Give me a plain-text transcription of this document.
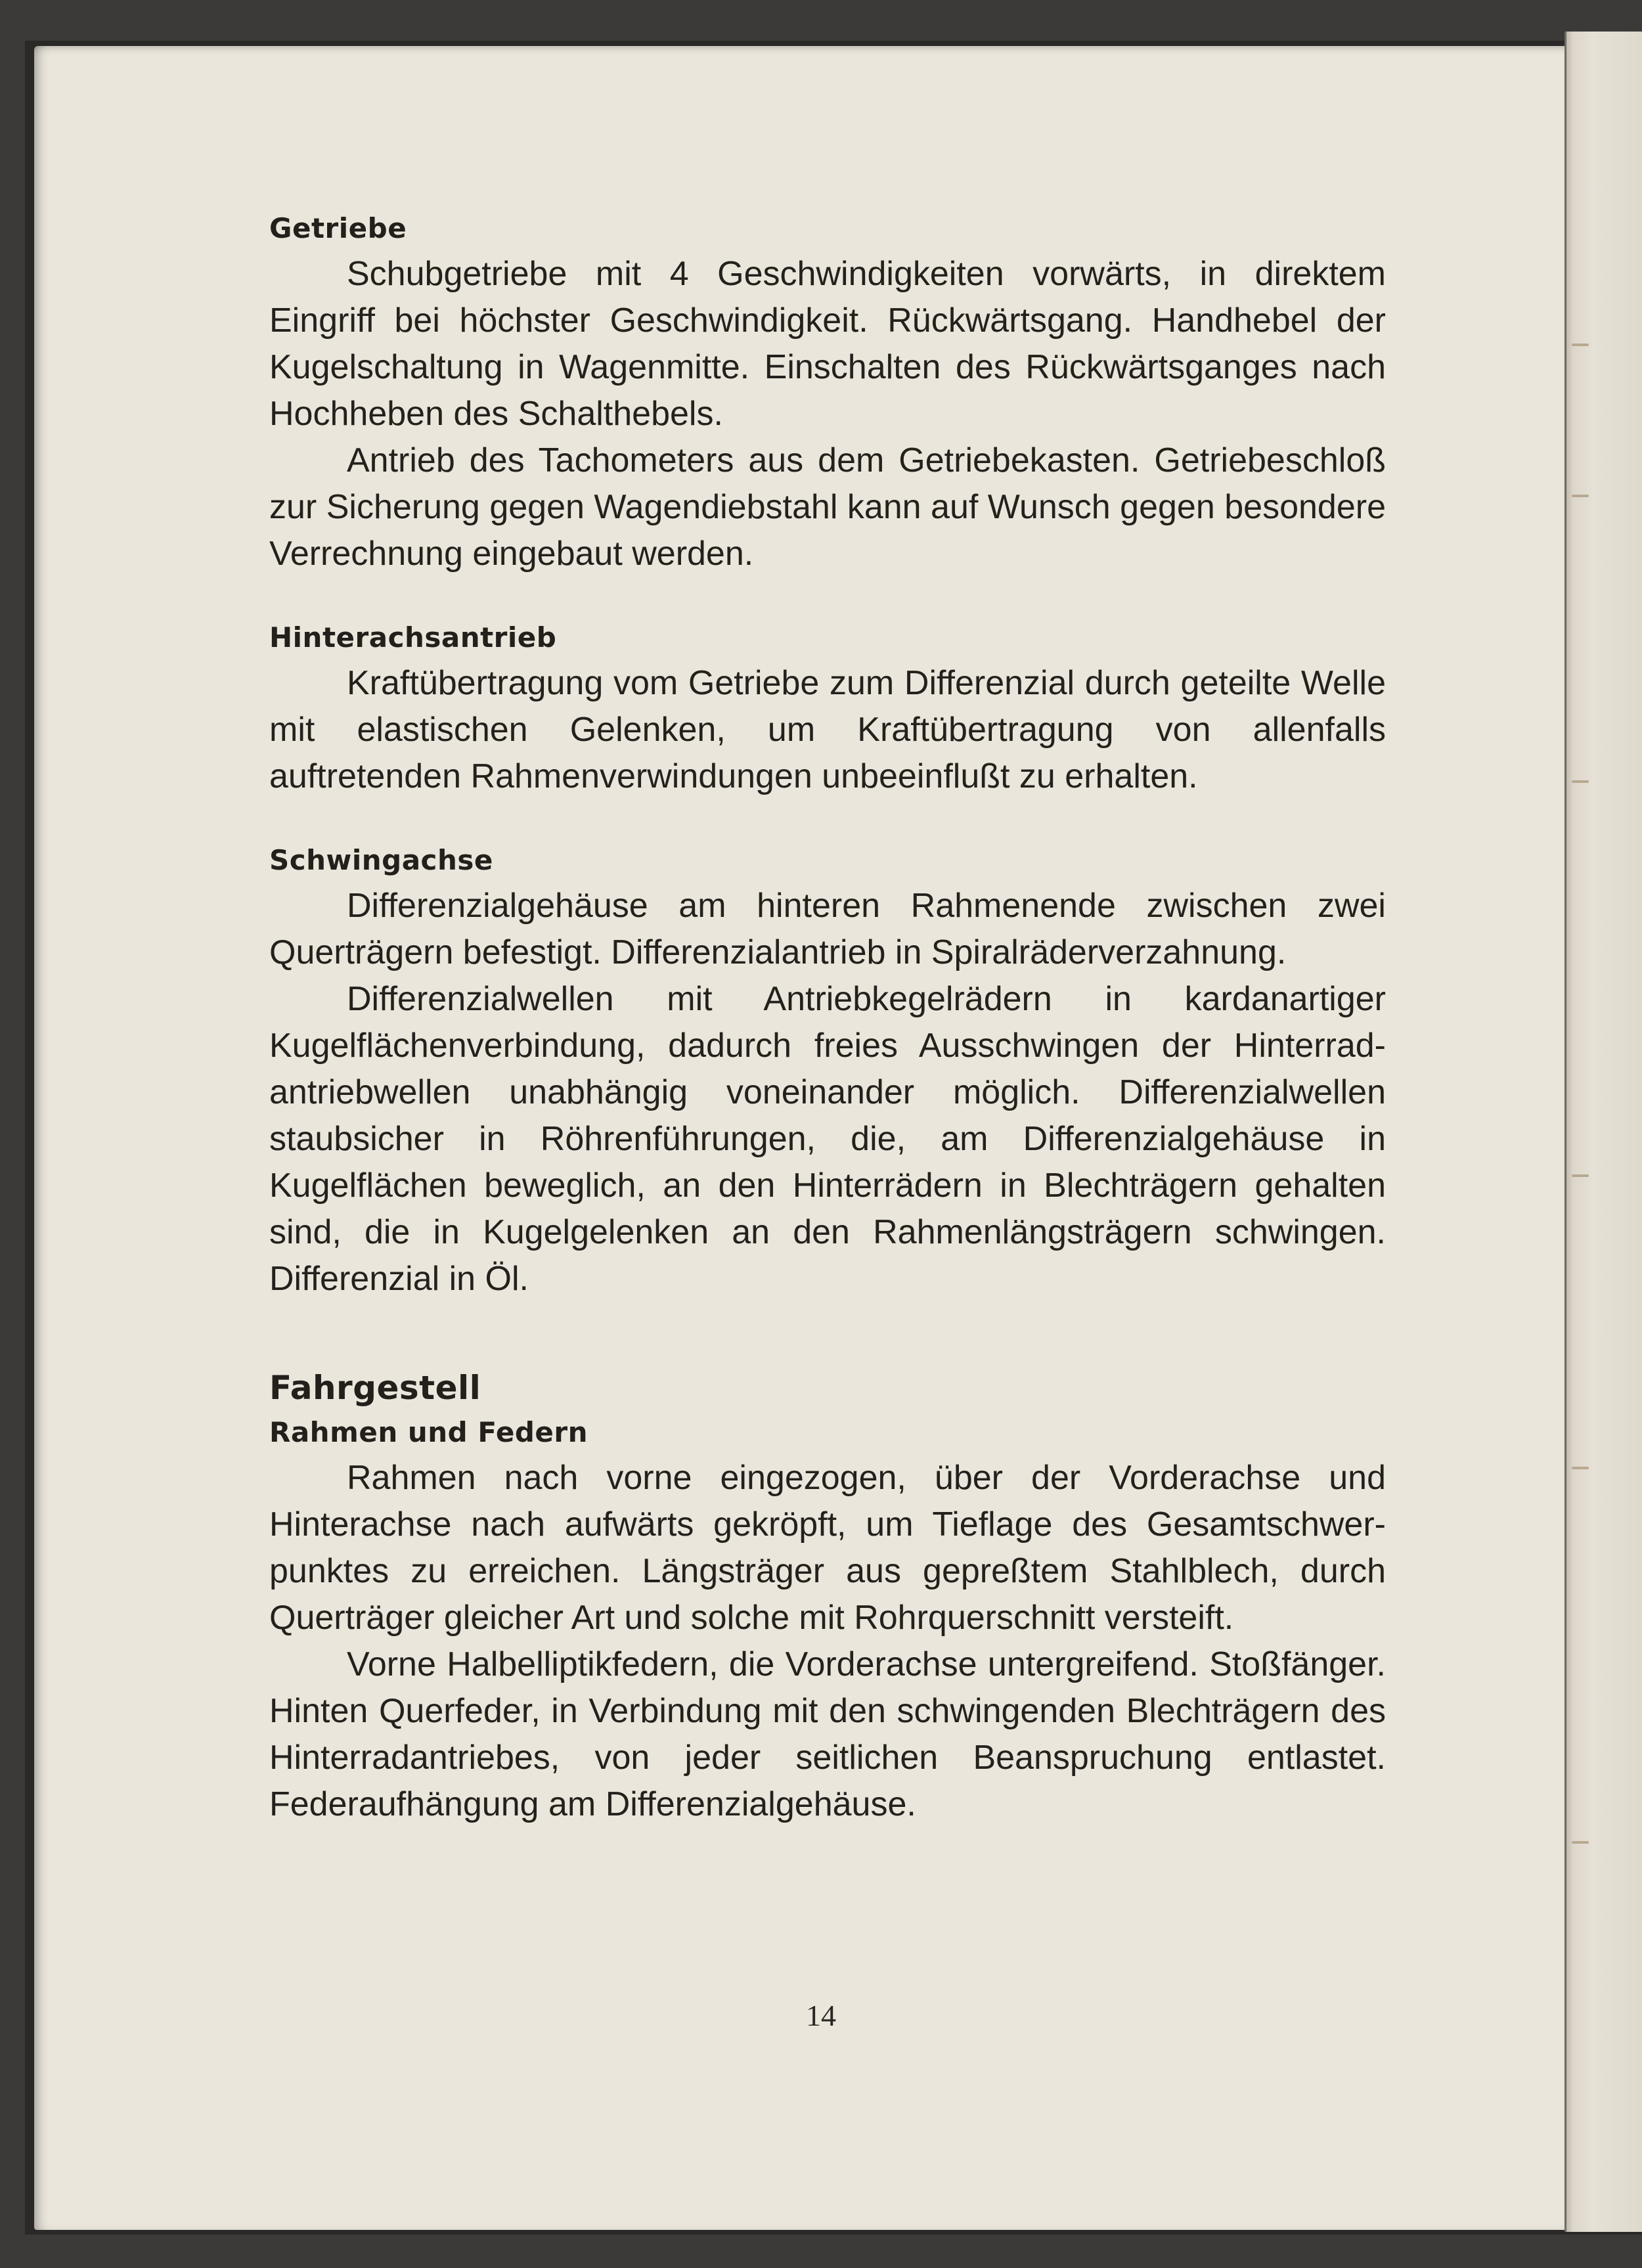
Getriebe

Schubgetriebe mit 4 Geschwindigkeiten vorwärts, in direktem Eingriff bei höchster Geschwindigkeit. Rückwärtsgang. Handhebel der Kugelschaltung in Wagenmitte. Einschalten des Rückwärtsganges nach Hochheben des Schalthebels.

Antrieb des Tachometers aus dem Getriebekasten. Getriebeschloß zur Sicherung gegen Wagendiebstahl kann auf Wunsch gegen besondere Verrechnung eingebaut werden.

Hinterachsantrieb

Kraftübertragung vom Getriebe zum Differenzial durch geteilte Welle mit elastischen Gelenken, um Kraftübertragung von allenfalls auftretenden Rahmenverwindungen unbeeinflußt zu erhalten.

Schwingachse

Differenzialgehäuse am hinteren Rahmenende zwischen zwei Querträgern befestigt. Differenzialantrieb in Spiralräderverzahnung.

Differenzialwellen mit Antriebkegelrädern in kardanartiger Kugelflächenverbindung, dadurch freies Ausschwingen der Hinterradantriebwellen unabhängig voneinander möglich. Differenzialwellen staubsicher in Röhrenführungen, die, am Differenzialgehäuse in Kugelflächen beweglich, an den Hinterrädern in Blechträgern gehalten sind, die in Kugelgelenken an den Rahmenlängsträgern schwingen. Differenzial in Öl.

Fahrgestell
Rahmen und Federn

Rahmen nach vorne eingezogen, über der Vorderachse und Hinterachse nach aufwärts gekröpft, um Tieflage des Gesamtschwerpunktes zu erreichen. Längsträger aus gepreßtem Stahlblech, durch Querträger gleicher Art und solche mit Rohrquerschnitt versteift.

Vorne Halbelliptikfedern, die Vorderachse untergreifend. Stoßfänger. Hinten Querfeder, in Verbindung mit den schwingenden Blechträgern des Hinterradantriebes, von jeder seitlichen Beanspruchung entlastet. Federaufhängung am Differenzialgehäuse.

14
